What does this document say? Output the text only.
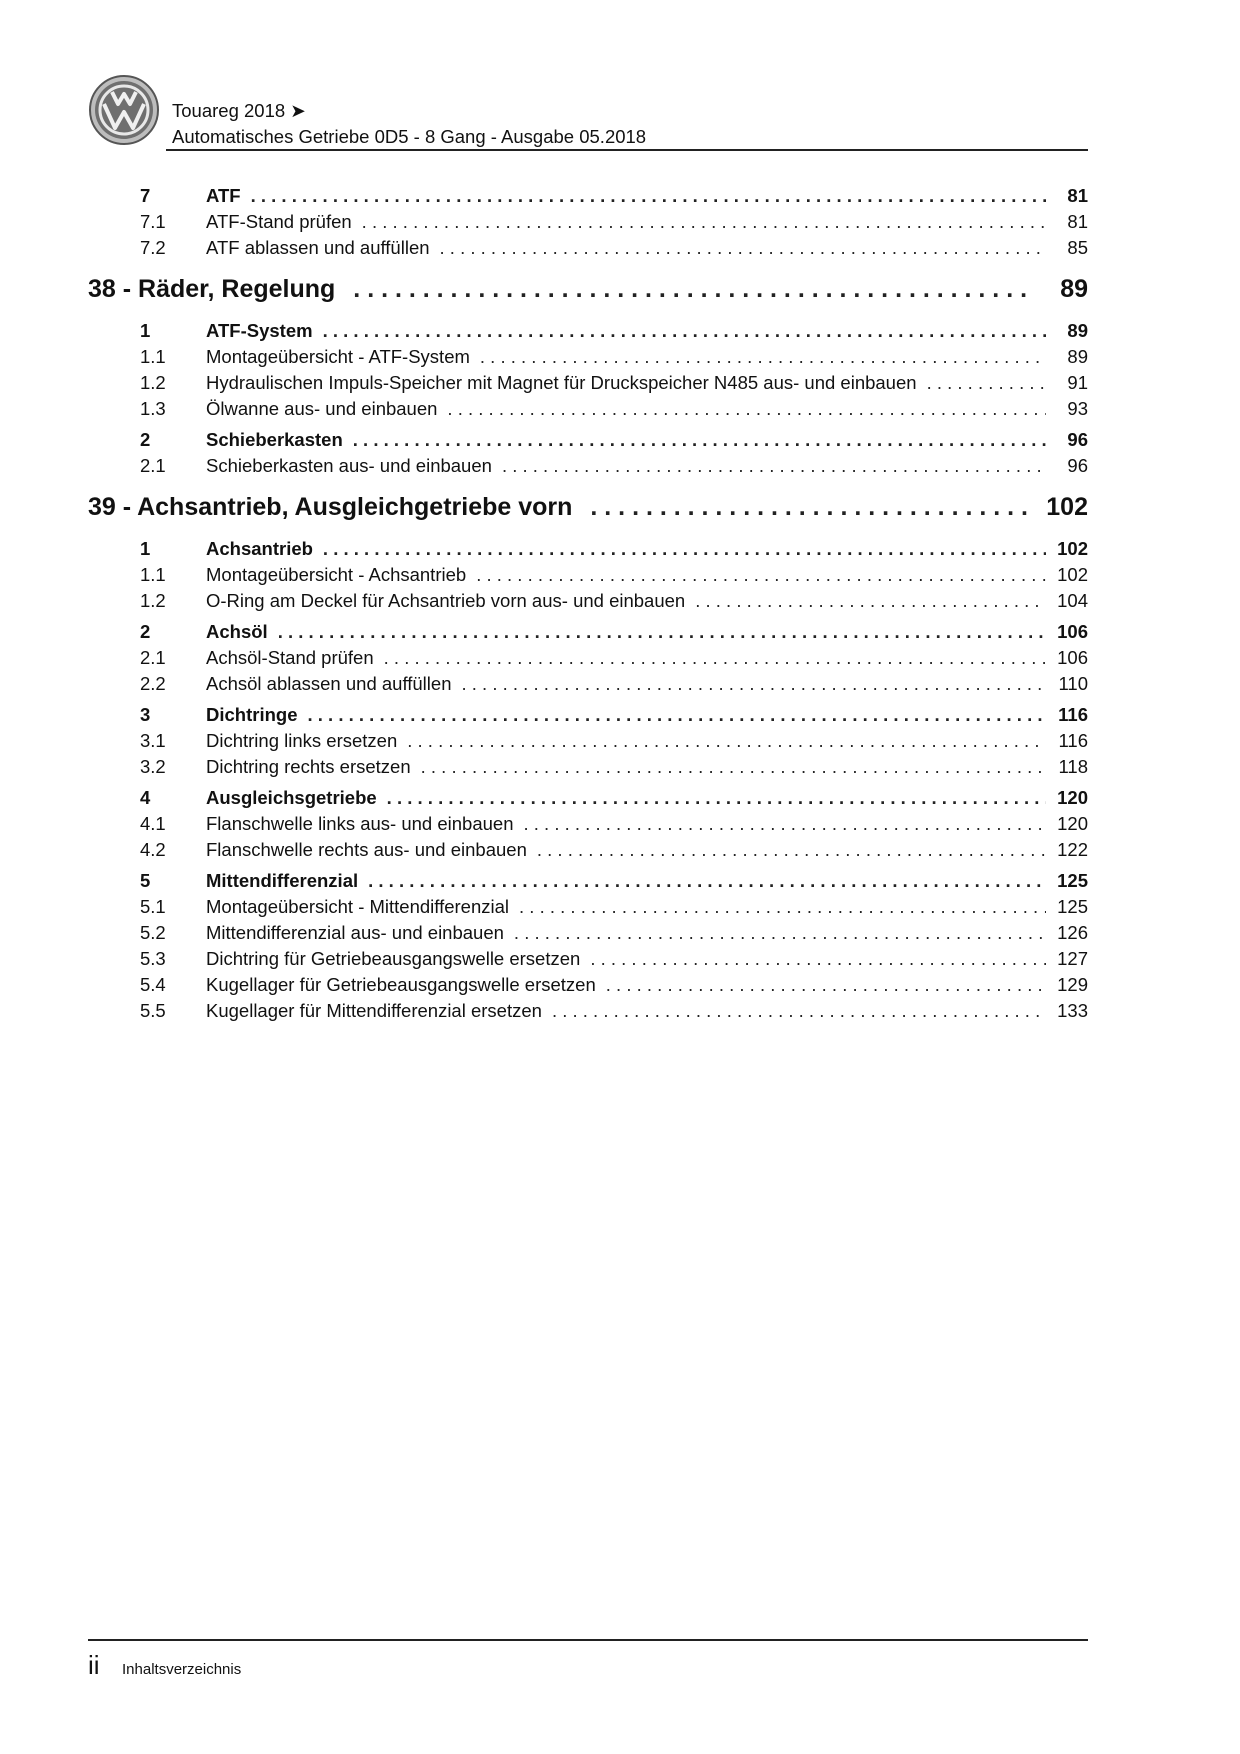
Touareg 2018 ➤
Automatisches Getriebe 0D5 - 8 Gang - Ausgabe 05.2018
7	ATF . . .	81
7.1	ATF-Stand prüfen . . .	81
7.2	ATF ablassen und auffüllen . . .	85
38 - Räder, Regelung . . .	89
1	ATF-System . . .	89
1.1	Montageübersicht - ATF-System . . .	89
1.2	Hydraulischen Impuls-Speicher mit Magnet für Druckspeicher N485 aus- und einbauen . . .	91
1.3	Ölwanne aus- und einbauen . . .	93
2	Schieberkasten . . .	96
2.1	Schieberkasten aus- und einbauen . . .	96
39 - Achsantrieb, Ausgleichgetriebe vorn . . .	102
1	Achsantrieb . . .	102
1.1	Montageübersicht - Achsantrieb . . .	102
1.2	O-Ring am Deckel für Achsantrieb vorn aus- und einbauen . . .	104
2	Achsöl . . .	106
2.1	Achsöl-Stand prüfen . . .	106
2.2	Achsöl ablassen und auffüllen . . .	110
3	Dichtringe . . .	116
3.1	Dichtring links ersetzen . . .	116
3.2	Dichtring rechts ersetzen . . .	118
4	Ausgleichsgetriebe . . .	120
4.1	Flanschwelle links aus- und einbauen . . .	120
4.2	Flanschwelle rechts aus- und einbauen . . .	122
5	Mittendifferenzial . . .	125
5.1	Montageübersicht - Mittendifferenzial . . .	125
5.2	Mittendifferenzial aus- und einbauen . . .	126
5.3	Dichtring für Getriebeausgangswelle ersetzen . . .	127
5.4	Kugellager für Getriebeausgangswelle ersetzen . . .	129
5.5	Kugellager für Mittendifferenzial ersetzen . . .	133
ii Inhaltsverzeichnis
